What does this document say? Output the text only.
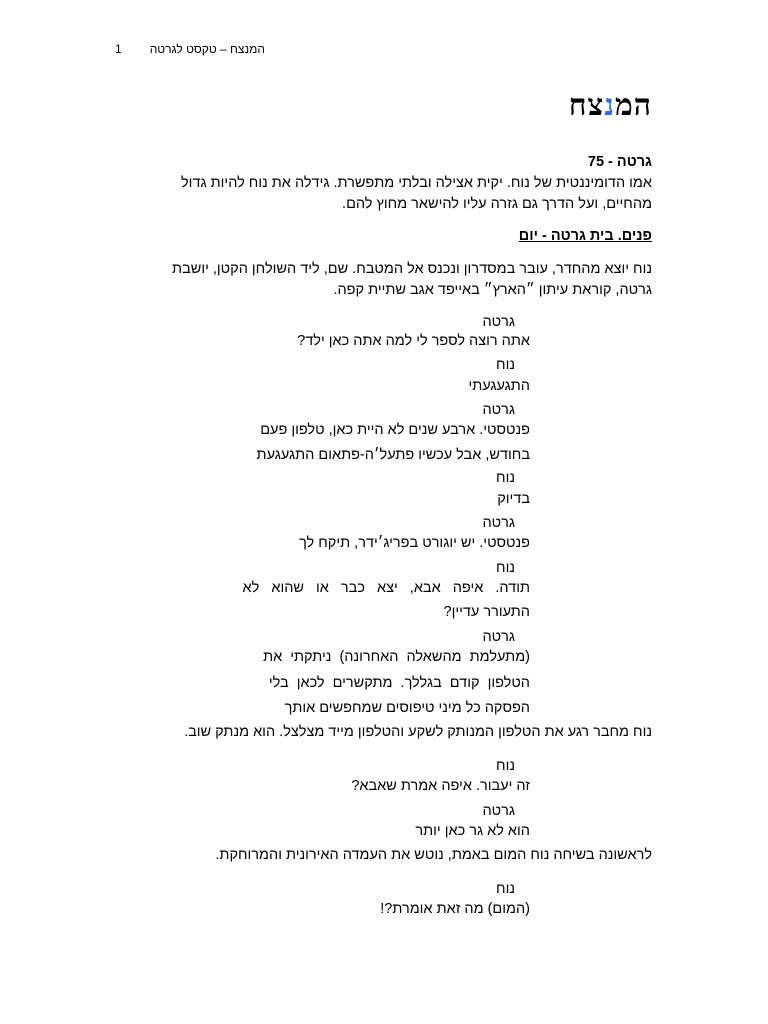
1 המנצח – טקסט לגרטה
המנצח
גרטה - 75
אמו הדומיננטית של נוח. יקית אצילה ובלתי מתפשרת. גידלה את נוח להיות גדול מהחיים, ועל הדרך גם גזרה עליו להישאר מחוץ להם.
פנים. בית גרטה - יום
נוח יוצא מהחדר, עובר במסדרון ונכנס אל המטבח. שם, ליד השולחן הקטן, יושבת גרטה, קוראת עיתון ״הארץ״ באייפד אגב שתיית קפה.
גרטה
אתה רוצה לספר לי למה אתה כאן ילד?
נוח
התגעגעתי
גרטה
פנטסטי. ארבע שנים לא היית כאן, טלפון פעם
בחודש, אבל עכשיו פתעל׳ה-פתאום התגעגעת
נוח
בדיוק
גרטה
פנטסטי. יש יוגורט בפריג׳ידר, תיקח לך
נוח
תודה. איפה אבא, יצא כבר או שהוא לא
התעורר עדיין?
גרטה
(מתעלמת מהשאלה האחרונה) ניתקתי את
הטלפון קודם בגללך. מתקשרים לכאן בלי
הפסקה כל מיני טיפוסים שמחפשים אותך
נוח מחבר רגע את הטלפון המנותק לשקע והטלפון מייד מצלצל. הוא מנתק שוב.
נוח
זה יעבור. איפה אמרת שאבא?
גרטה
הוא לא גר כאן יותר
לראשונה בשיחה נוח המום באמת, נוטש את העמדה האירונית והמרוחקת.
נוח
(המום) מה זאת אומרת?!
